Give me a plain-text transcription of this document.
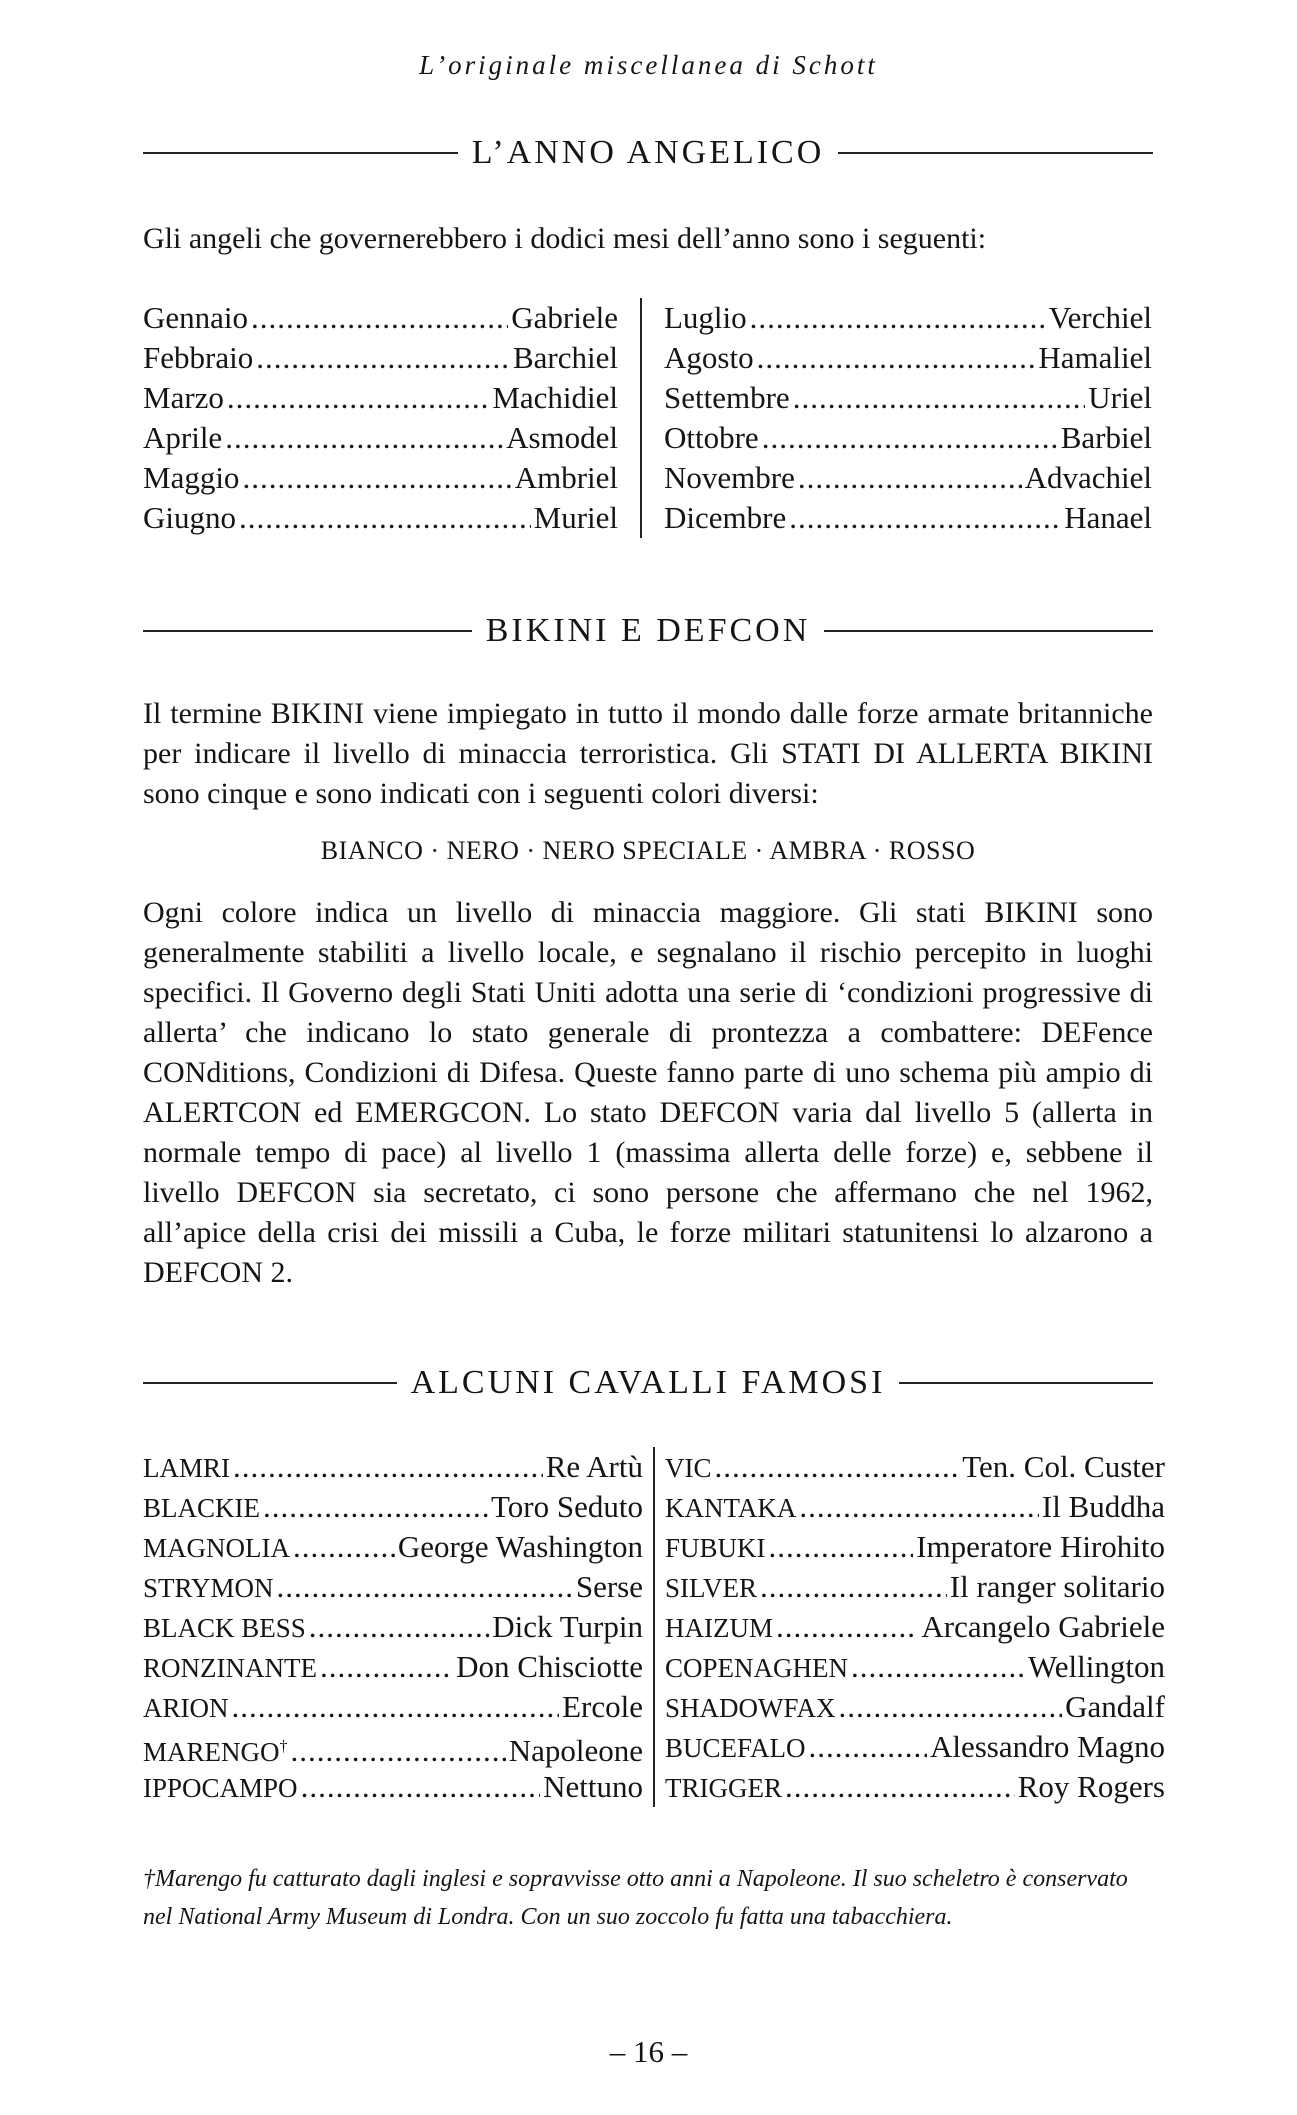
L’originale miscellanea di Schott
L’ANNO ANGELICO
Gli angeli che governerebbero i dodici mesi dell’anno sono i seguenti:
Gennaio .....	Gabriele
Febbraio .....	Barchiel
Marzo .....	Machidiel
Aprile .....	Asmodel
Maggio .....	Ambriel
Giugno .....	Muriel
Luglio .....	Verchiel
Agosto .....	Hamaliel
Settembre .....	Uriel
Ottobre .....	Barbiel
Novembre .....	Advachiel
Dicembre .....	Hanael
BIKINI E DEFCON
Il termine BIKINI viene impiegato in tutto il mondo dalle forze armate britanniche per indicare il livello di minaccia terroristica. Gli STATI DI ALLERTA BIKINI sono cinque e sono indicati con i seguenti colori diversi:
BIANCO · NERO · NERO SPECIALE · AMBRA · ROSSO
Ogni colore indica un livello di minaccia maggiore. Gli stati BIKINI sono generalmente stabiliti a livello locale, e segnalano il rischio percepito in luoghi specifici. Il Governo degli Stati Uniti adotta una serie di ‘condizioni progressive di allerta’ che indicano lo stato generale di prontezza a combattere: DEFence CONditions, Condizioni di Difesa. Queste fanno parte di uno schema più ampio di ALERTCON ed EMERGCON. Lo stato DEFCON varia dal livello 5 (allerta in normale tempo di pace) al livello 1 (massima allerta delle forze) e, sebbene il livello DEFCON sia secretato, ci sono persone che affermano che nel 1962, all’apice della crisi dei missili a Cuba, le forze militari statunitensi lo alzarono a DEFCON 2.
ALCUNI CAVALLI FAMOSI
LAMRI .....	Re Artù
BLACKIE .....	Toro Seduto
MAGNOLIA .....	George Washington
STRYMON .....	Serse
BLACK BESS .....	Dick Turpin
RONZINANTE .....	Don Chisciotte
ARION .....	Ercole
MARENGO† .....	Napoleone
IPPOCAMPO .....	Nettuno
VIC .....	Ten. Col. Custer
KANTAKA .....	Il Buddha
FUBUKI .....	Imperatore Hirohito
SILVER .....	Il ranger solitario
HAIZUM .....	Arcangelo Gabriele
COPENAGHEN .....	Wellington
SHADOWFAX .....	Gandalf
BUCEFALO .....	Alessandro Magno
TRIGGER .....	Roy Rogers
†Marengo fu catturato dagli inglesi e sopravvisse otto anni a Napoleone. Il suo scheletro è conservato nel National Army Museum di Londra. Con un suo zoccolo fu fatta una tabacchiera.
– 16 –
